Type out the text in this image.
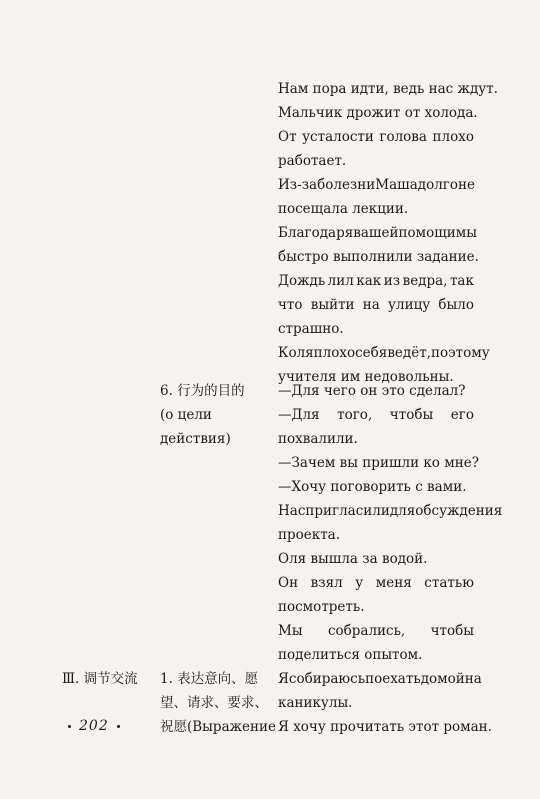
Нам пора идти, ведь нас ждут.
Мальчик дрожит от холода.
От усталости голова плохо
работает.
Из-за болезни Маша долго не
посещала лекции.
Благодаря вашей помощи мы
быстро выполнили задание.
Дождь лил как из ведра, так
что выйти на улицу было
страшно.
Коля плохо себя ведёт, поэтому
учителя им недовольны.
6. 行为的目的 —Для чего он это сделал?
(о цели	—Для того, чтобы его
действия)	похвалили.
—Зачем вы пришли ко мне?
—Хочу поговорить с вами.
Нас пригласили для обсуждения
проекта.
Оля вышла за водой.
Он взял у меня статью
посмотреть.
Мы собрались, чтобы
поделиться опытом.
Ⅲ. 调节交流 1. 表达意向、愿 Я собираюсь поехать домой на
望、请求、要求、 каникулы.
祝愿(Выражение Я хочу прочитать этот роман.
202
